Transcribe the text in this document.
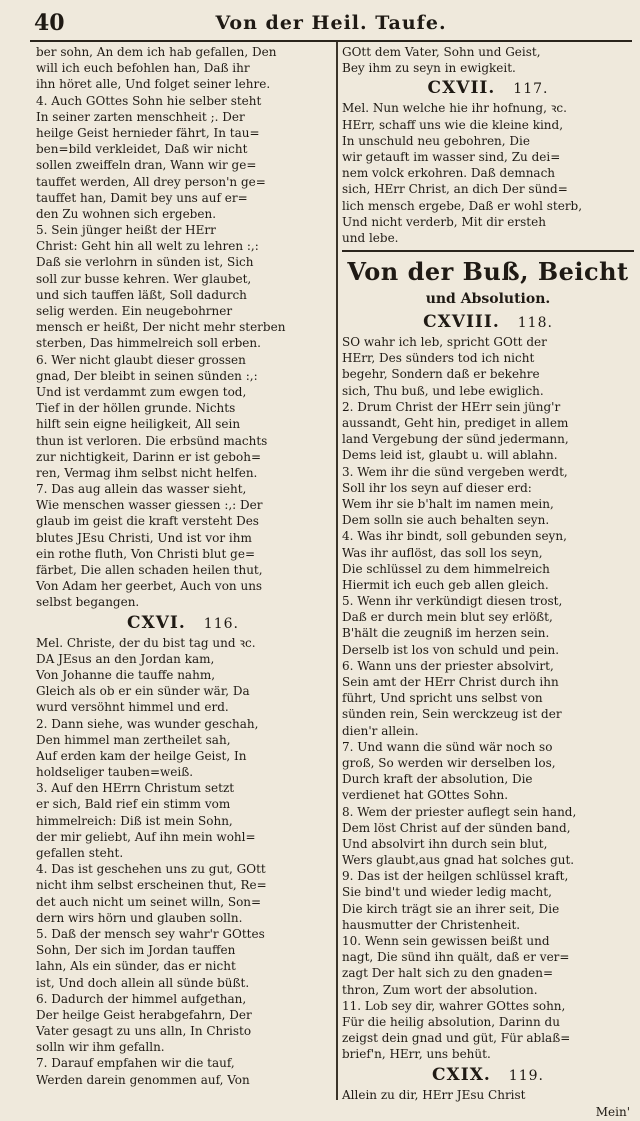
40	Von der Heil. Taufe.
ber sohn, An dem ich hab gefallen, Den
will ich euch befohlen han, Daß ihr
ihn höret alle, Und folget seiner lehre.
4. Auch GOttes Sohn hie selber steht
In seiner zarten menschheit ;. Der
heilge Geist hernieder fährt, In tau=
ben=bild verkleidet, Daß wir nicht
sollen zweiffeln dran, Wann wir ge=
tauffet werden, All drey person'n ge=
tauffet han, Damit bey uns auf er=
den Zu wohnen sich ergeben.
5. Sein jünger heißt der HErr
Christ: Geht hin all welt zu lehren :,:
Daß sie verlohrn in sünden ist, Sich
soll zur busse kehren. Wer glaubet,
und sich tauffen läßt, Soll dadurch
selig werden. Ein neugebohrner
mensch er heißt, Der nicht mehr sterben
sterben, Das himmelreich soll erben.
6. Wer nicht glaubt dieser grossen
gnad, Der bleibt in seinen sünden :,:
Und ist verdammt zum ewgen tod,
Tief in der höllen grunde. Nichts
hilft sein eigne heiligkeit, All sein
thun ist verloren. Die erbsünd machts
zur nichtigkeit, Darinn er ist geboh=
ren, Vermag ihm selbst nicht helfen.
7. Das aug allein das wasser sieht,
Wie menschen wasser giessen :,: Der
glaub im geist die kraft versteht Des
blutes JEsu Christi, Und ist vor ihm
ein rothe fluth, Von Christi blut ge=
färbet, Die allen schaden heilen thut,
Von Adam her geerbet, Auch von uns
selbst begangen.
CXVI. 116.
Mel. Christe, der du bist tag und ꝛc.
DA JEsus an den Jordan kam,
Von Johanne die tauffe nahm,
Gleich als ob er ein sünder wär, Da
wurd versöhnt himmel und erd.
2. Dann siehe, was wunder geschah,
Den himmel man zertheilet sah,
Auf erden kam der heilge Geist, In
holdseliger tauben=weiß.
3. Auf den HErrn Christum setzt
er sich, Bald rief ein stimm vom
himmelreich: Diß ist mein Sohn,
der mir geliebt, Auf ihn mein wohl=
gefallen steht.
4. Das ist geschehen uns zu gut, GOtt
nicht ihm selbst erscheinen thut, Re=
det auch nicht um seinet willn, Son=
dern wirs hörn und glauben solln.
5. Daß der mensch sey wahr'r GOttes
Sohn, Der sich im Jordan tauffen
lahn, Als ein sünder, das er nicht
ist, Und doch allein all sünde büßt.
6. Dadurch der himmel aufgethan,
Der heilge Geist herabgefahrn, Der
Vater gesagt zu uns alln, In Christo
solln wir ihm gefalln.
7. Darauf empfahen wir die tauf,
Werden darein genommen auf, Von
GOtt dem Vater, Sohn und Geist,
Bey ihm zu seyn in ewigkeit.
CXVII. 117.
Mel. Nun welche hie ihr hofnung, ꝛc.
HErr, schaff uns wie die kleine kind,
In unschuld neu gebohren, Die
wir getauft im wasser sind, Zu dei=
nem volck erkohren. Daß demnach
sich, HErr Christ, an dich Der sünd=
lich mensch ergebe, Daß er wohl sterb,
Und nicht verderb, Mit dir ersteh
und lebe.
Von der Buß, Beicht
und Absolution.
CXVIII. 118.
SO wahr ich leb, spricht GOtt der
HErr, Des sünders tod ich nicht
begehr, Sondern daß er bekehre
sich, Thu buß, und lebe ewiglich.
2. Drum Christ der HErr sein jüng'r
aussandt, Geht hin, prediget in allem
land Vergebung der sünd jedermann,
Dems leid ist, glaubt u. will ablahn.
3. Wem ihr die sünd vergeben werdt,
Soll ihr los seyn auf dieser erd:
Wem ihr sie b'halt im namen mein,
Dem solln sie auch behalten seyn.
4. Was ihr bindt, soll gebunden seyn,
Was ihr auflöst, das soll los seyn,
Die schlüssel zu dem himmelreich
Hiermit ich euch geb allen gleich.
5. Wenn ihr verkündigt diesen trost,
Daß er durch mein blut sey erlößt,
B'hält die zeugniß im herzen sein.
Derselb ist los von schuld und pein.
6. Wann uns der priester absolvirt,
Sein amt der HErr Christ durch ihn
führt, Und spricht uns selbst von
sünden rein, Sein werckzeug ist der
dien'r allein.
7. Und wann die sünd wär noch so
groß, So werden wir derselben los,
Durch kraft der absolution, Die
verdienet hat GOttes Sohn.
8. Wem der priester auflegt sein hand,
Dem löst Christ auf der sünden band,
Und absolvirt ihn durch sein blut,
Wers glaubt,aus gnad hat solches gut.
9. Das ist der heilgen schlüssel kraft,
Sie bind't und wieder ledig macht,
Die kirch trägt sie an ihrer seit, Die
hausmutter der Christenheit.
10. Wenn sein gewissen beißt und
nagt, Die sünd ihn quält, daß er ver=
zagt Der halt sich zu den gnaden=
thron, Zum wort der absolution.
11. Lob sey dir, wahrer GOttes sohn,
Für die heilig absolution, Darinn du
zeigst dein gnad und güt, Für ablaß=
brief'n, HErr, uns behüt.
CXIX. 119.
Allein zu dir, HErr JEsu Christ
Mein'
